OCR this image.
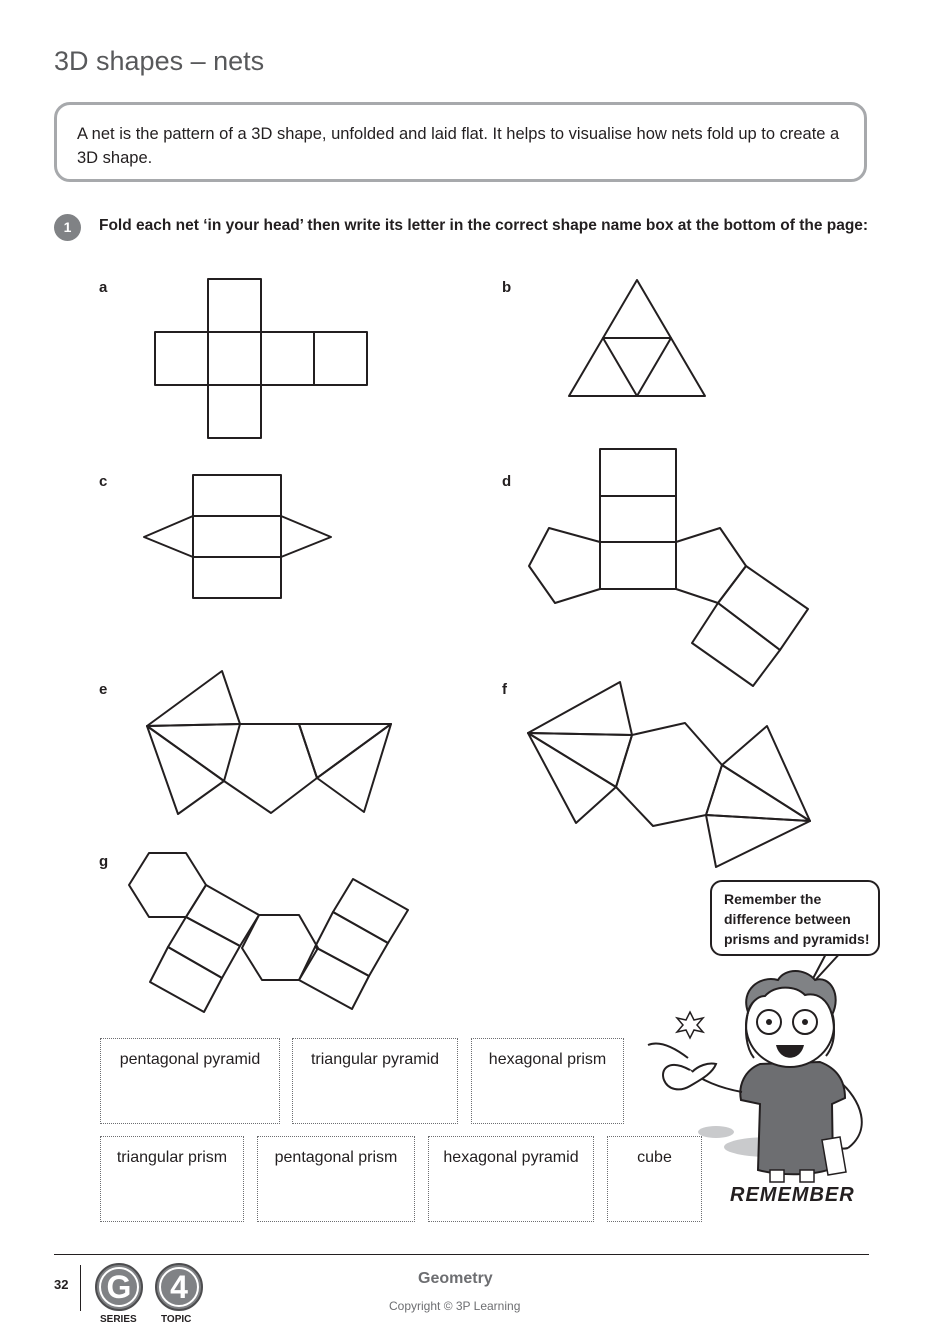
3D shapes – nets
A net is the pattern of a 3D shape, unfolded and laid flat. It helps to visualise how nets fold up to create a 3D shape.
1	Fold each net ‘in your head’ then write its letter in the correct shape name box at the bottom of the page:
a	b
c	d
e	f
g
pentagonal pyramid	triangular pyramid	hexagonal prism
triangular prism	pentagonal prism	hexagonal pyramid	cube
Remember the difference between prisms and pyramids!
REMEMBER
32	G
SERIES
4
TOPIC
Geometry
Copyright © 3P Learning
